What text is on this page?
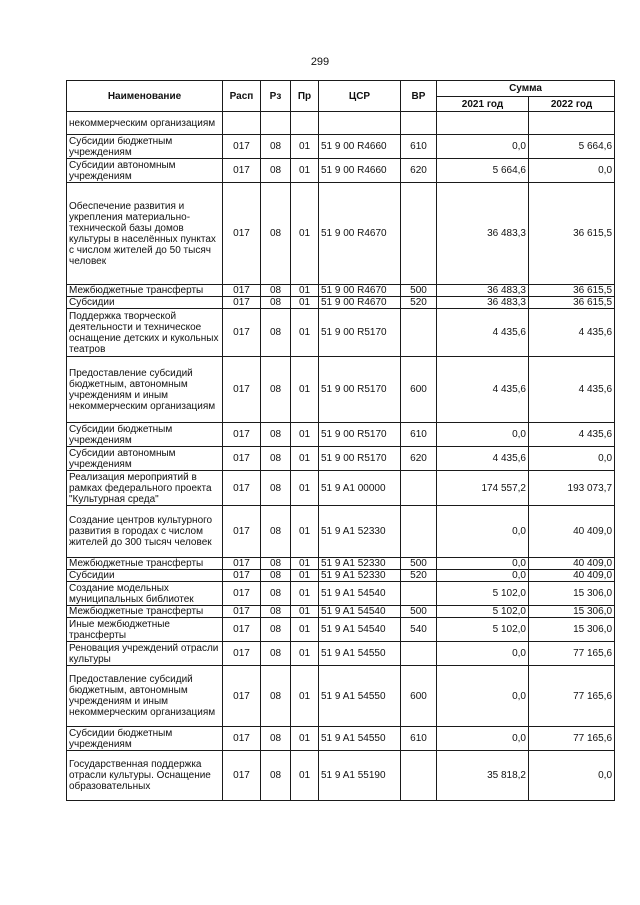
299
Наименование	Расп	Рз	Пр	ЦСР	ВР	Сумма	
						2021 год	2022 год
некоммерческим организациям							
Субсидии бюджетным учреждениям	017	08	01	51 9 00 R4660	610	0,0	5 664,6
Субсидии автономным учреждениям	017	08	01	51 9 00 R4660	620	5 664,6	0,0
Обеспечение развития и укрепления материально-технической базы домов культуры в населённых пунктах с числом жителей до 50 тысяч человек	017	08	01	51 9 00 R4670		36 483,3	36 615,5
Межбюджетные трансферты	017	08	01	51 9 00 R4670	500	36 483,3	36 615,5
Субсидии	017	08	01	51 9 00 R4670	520	36 483,3	36 615,5
Поддержка творческой деятельности и техническое оснащение детских и кукольных театров	017	08	01	51 9 00 R5170		4 435,6	4 435,6
Предоставление субсидий бюджетным, автономным учреждениям и иным некоммерческим организациям	017	08	01	51 9 00 R5170	600	4 435,6	4 435,6
Субсидии бюджетным учреждениям	017	08	01	51 9 00 R5170	610	0,0	4 435,6
Субсидии автономным учреждениям	017	08	01	51 9 00 R5170	620	4 435,6	0,0
Реализация мероприятий в рамках федерального проекта "Культурная среда"	017	08	01	51 9 A1 00000		174 557,2	193 073,7
Создание центров культурного развития в городах с числом жителей до 300 тысяч человек	017	08	01	51 9 A1 52330		0,0	40 409,0
Межбюджетные трансферты	017	08	01	51 9 A1 52330	500	0,0	40 409,0
Субсидии	017	08	01	51 9 A1 52330	520	0,0	40 409,0
Создание модельных муниципальных библиотек	017	08	01	51 9 A1 54540		5 102,0	15 306,0
Межбюджетные трансферты	017	08	01	51 9 A1 54540	500	5 102,0	15 306,0
Иные межбюджетные трансферты	017	08	01	51 9 A1 54540	540	5 102,0	15 306,0
Реновация учреждений отрасли культуры	017	08	01	51 9 A1 54550		0,0	77 165,6
Предоставление субсидий бюджетным, автономным учреждениям и иным некоммерческим организациям	017	08	01	51 9 A1 54550	600	0,0	77 165,6
Субсидии бюджетным учреждениям	017	08	01	51 9 A1 54550	610	0,0	77 165,6
Государственная поддержка отрасли культуры. Оснащение образовательных	017	08	01	51 9 A1 55190		35 818,2	0,0
